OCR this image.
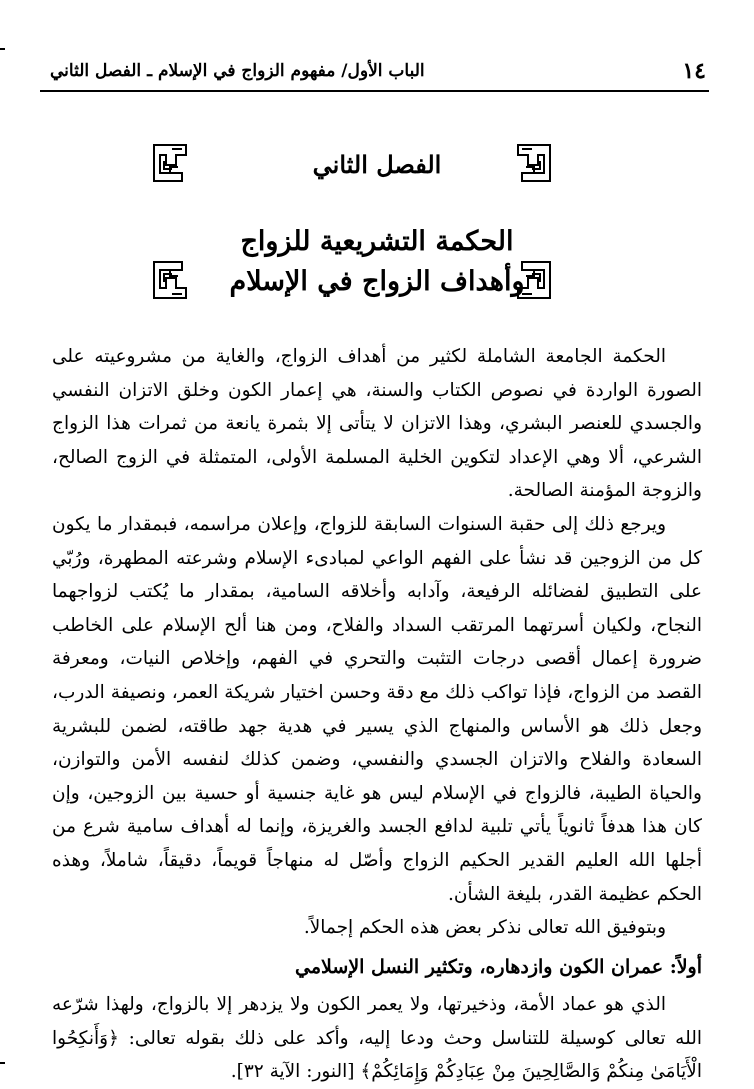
١٤
الباب الأول/ مفهوم الزواج في الإسلام ـ الفصل الثاني
الفصل الثاني
الحكمة التشريعية للزواج
وأهداف الزواج في الإسلام

الحكمة الجامعة الشاملة لكثير من أهداف الزواج، والغاية من مشروعيته على الصورة الواردة في نصوص الكتاب والسنة، هي إعمار الكون وخلق الاتزان النفسي والجسدي للعنصر البشري، وهذا الاتزان لا يتأتى إلا بثمرة يانعة من ثمرات هذا الزواج الشرعي، ألا وهي الإعداد لتكوين الخلية المسلمة الأولى، المتمثلة في الزوج الصالح، والزوجة المؤمنة الصالحة.

ويرجع ذلك إلى حقبة السنوات السابقة للزواج، وإعلان مراسمه، فبمقدار ما يكون كل من الزوجين قد نشأ على الفهم الواعي لمبادىء الإسلام وشرعته المطهرة، ورُبّي على التطبيق لفضائله الرفيعة، وآدابه وأخلاقه السامية، بمقدار ما يُكتب لزواجهما النجاح، ولكيان أسرتهما المرتقب السداد والفلاح، ومن هنا ألح الإسلام على الخاطب ضرورة إعمال أقصى درجات التثبت والتحري في الفهم، وإخلاص النيات، ومعرفة القصد من الزواج، فإذا تواكب ذلك مع دقة وحسن اختيار شريكة العمر، ونصيفة الدرب، وجعل ذلك هو الأساس والمنهاج الذي يسير في هدية جهد طاقته، لضمن للبشرية السعادة والفلاح والاتزان الجسدي والنفسي، وضمن كذلك لنفسه الأمن والتوازن، والحياة الطيبة، فالزواج في الإسلام ليس هو غاية جنسية أو حسية بين الزوجين، وإن كان هذا هدفاً ثانوياً يأتي تلبية لدافع الجسد والغريزة، وإنما له أهداف سامية شرع من أجلها الله العليم القدير الحكيم الزواج وأصّل له منهاجاً قويماً، دقيقاً، شاملاً، وهذه الحكم عظيمة القدر، بليغة الشأن.

وبتوفيق الله تعالى نذكر بعض هذه الحكم إجمالاً.

أولاً: عمران الكون وازدهاره، وتكثير النسل الإسلامي

الذي هو عماد الأمة، وذخيرتها، ولا يعمر الكون ولا يزدهر إلا بالزواج، ولهذا شرّعه الله تعالى كوسيلة للتناسل وحث ودعا إليه، وأكد على ذلك بقوله تعالى: ﴿وَأَنكِحُوا الْأَيَامَىٰ مِنكُمْ وَالصَّالِحِينَ مِنْ عِبَادِكُمْ وَإِمَائِكُمْ﴾ [النور: الآية ٣٢].
